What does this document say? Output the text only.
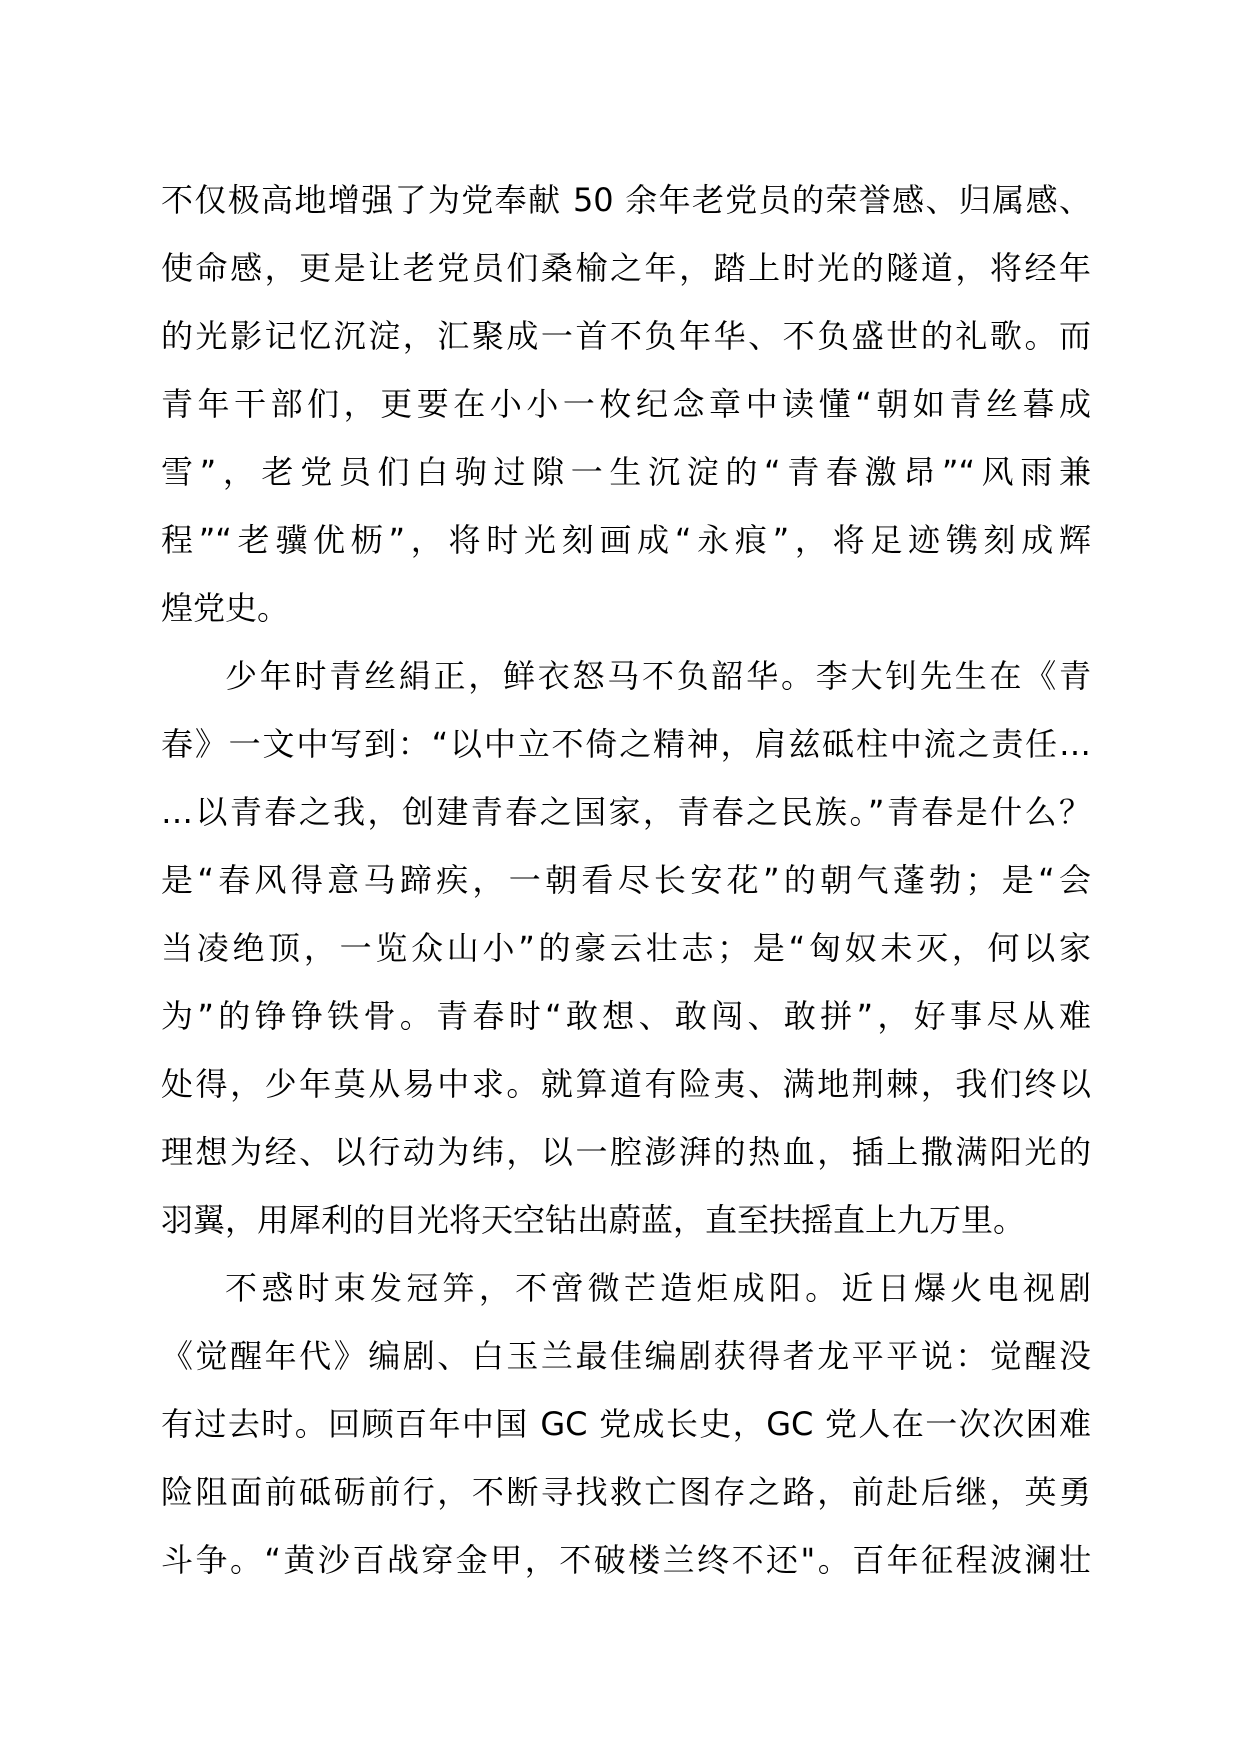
不仅极高地增强了为党奉献 50 余年老党员的荣誉感、归属感、
使命感，更是让老党员们桑榆之年，踏上时光的隧道，将经年
的光影记忆沉淀，汇聚成一首不负年华、不负盛世的礼歌。而
青年干部们，更要在小小一枚纪念章中读懂“朝如青丝暮成
雪”，老党员们白驹过隙一生沉淀的“青春激昂”“风雨兼
程”“老骥优枥”，将时光刻画成“永痕”，将足迹镌刻成辉
煌党史。
少年时青丝絹正，鲜衣怒马不负韶华。李大钊先生在《青
春》一文中写到：“以中立不倚之精神，肩兹砥柱中流之责任…
…以青春之我，创建青春之国家，青春之民族。”青春是什么？
是“春风得意马蹄疾，一朝看尽长安花”的朝气蓬勃；是“会
当凌绝顶，一览众山小”的豪云壮志；是“匈奴未灭，何以家
为”的铮铮铁骨。青春时“敢想、敢闯、敢拼”，好事尽从难
处得，少年莫从易中求。就算道有险夷、满地荆棘，我们终以
理想为经、以行动为纬，以一腔澎湃的热血，插上撒满阳光的
羽翼，用犀利的目光将天空钻出蔚蓝，直至扶摇直上九万里。
不惑时束发冠笄，不啻微芒造炬成阳。近日爆火电视剧
《觉醒年代》编剧、白玉兰最佳编剧获得者龙平平说：觉醒没
有过去时。回顾百年中国 GC 党成长史，GC 党人在一次次困难
险阻面前砥砺前行，不断寻找救亡图存之路，前赴后继，英勇
斗争。“黄沙百战穿金甲，不破楼兰终不还"。百年征程波澜壮
